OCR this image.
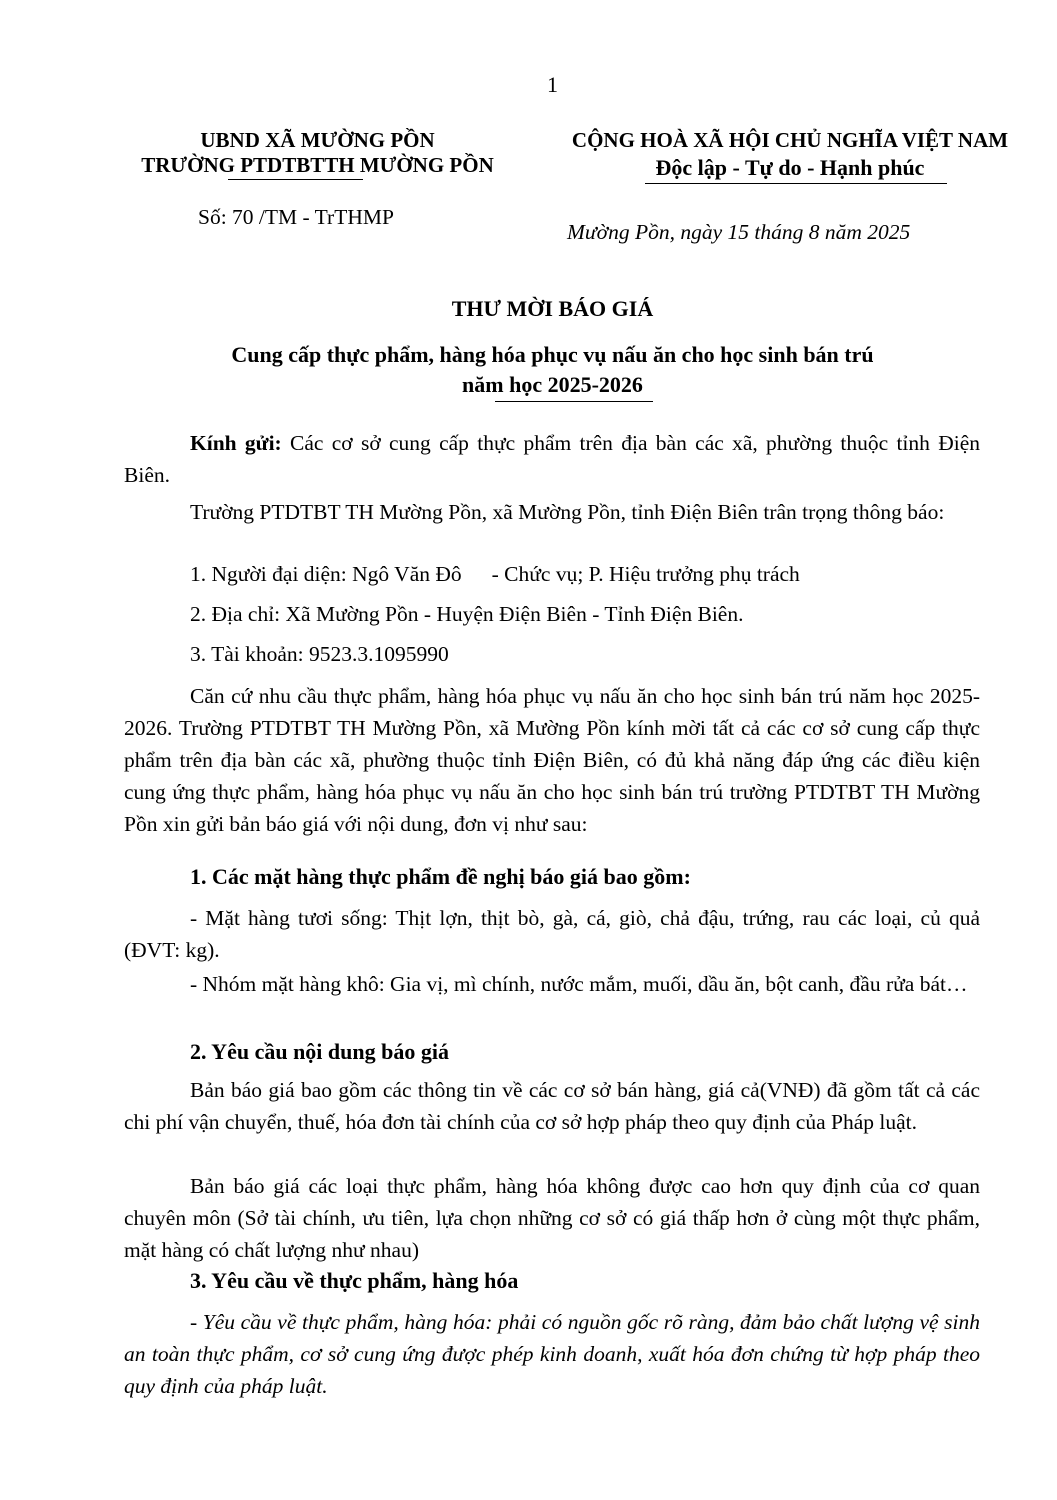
1
UBND XÃ MƯỜNG PỒN
TRƯỜNG PTDTBTTH MƯỜNG PỒN
CỘNG HOÀ XÃ HỘI CHỦ NGHĨA VIỆT NAM
Độc lập - Tự do - Hạnh phúc
Số: 70 /TM - TrTHMP
Mường Pồn, ngày 15 tháng 8 năm 2025
THƯ MỜI BÁO GIÁ
Cung cấp thực phẩm, hàng hóa phục vụ nấu ăn cho học sinh bán trú
năm học 2025-2026

Kính gửi: Các cơ sở cung cấp thực phẩm trên địa bàn các xã, phường thuộc tỉnh Điện Biên.

Trường PTDTBT TH Mường Pồn, xã Mường Pồn, tỉnh Điện Biên trân trọng thông báo:

1. Người đại diện: Ngô Văn Đô - Chức vụ; P. Hiệu trưởng phụ trách
2. Địa chỉ: Xã Mường Pồn - Huyện Điện Biên - Tỉnh Điện Biên.
3. Tài khoản: 9523.3.1095990

Căn cứ nhu cầu thực phẩm, hàng hóa phục vụ nấu ăn cho học sinh bán trú năm học 2025-2026. Trường PTDTBT TH Mường Pồn, xã Mường Pồn kính mời tất cả các cơ sở cung cấp thực phẩm trên địa bàn các xã, phường thuộc tỉnh Điện Biên, có đủ khả năng đáp ứng các điều kiện cung ứng thực phẩm, hàng hóa phục vụ nấu ăn cho học sinh bán trú trường PTDTBT TH Mường Pồn xin gửi bản báo giá với nội dung, đơn vị như sau:

1. Các mặt hàng thực phẩm đề nghị báo giá bao gồm:

- Mặt hàng tươi sống: Thịt lợn, thịt bò, gà, cá, giò, chả đậu, trứng, rau các loại, củ quả (ĐVT: kg).

- Nhóm mặt hàng khô: Gia vị, mì chính, nước mắm, muối, dầu ăn, bột canh, đầu rửa bát…

2. Yêu cầu nội dung báo giá

Bản báo giá bao gồm các thông tin về các cơ sở bán hàng, giá cả(VNĐ) đã gồm tất cả các chi phí vận chuyển, thuế, hóa đơn tài chính của cơ sở hợp pháp theo quy định của Pháp luật.

Bản báo giá các loại thực phẩm, hàng hóa không được cao hơn quy định của cơ quan chuyên môn (Sở tài chính, ưu tiên, lựa chọn những cơ sở có giá thấp hơn ở cùng một thực phẩm, mặt hàng có chất lượng như nhau)

3. Yêu cầu về thực phẩm, hàng hóa

- Yêu cầu về thực phẩm, hàng hóa: phải có nguồn gốc rõ ràng, đảm bảo chất lượng vệ sinh an toàn thực phẩm, cơ sở cung ứng được phép kinh doanh, xuất hóa đơn chứng từ hợp pháp theo quy định của pháp luật.
